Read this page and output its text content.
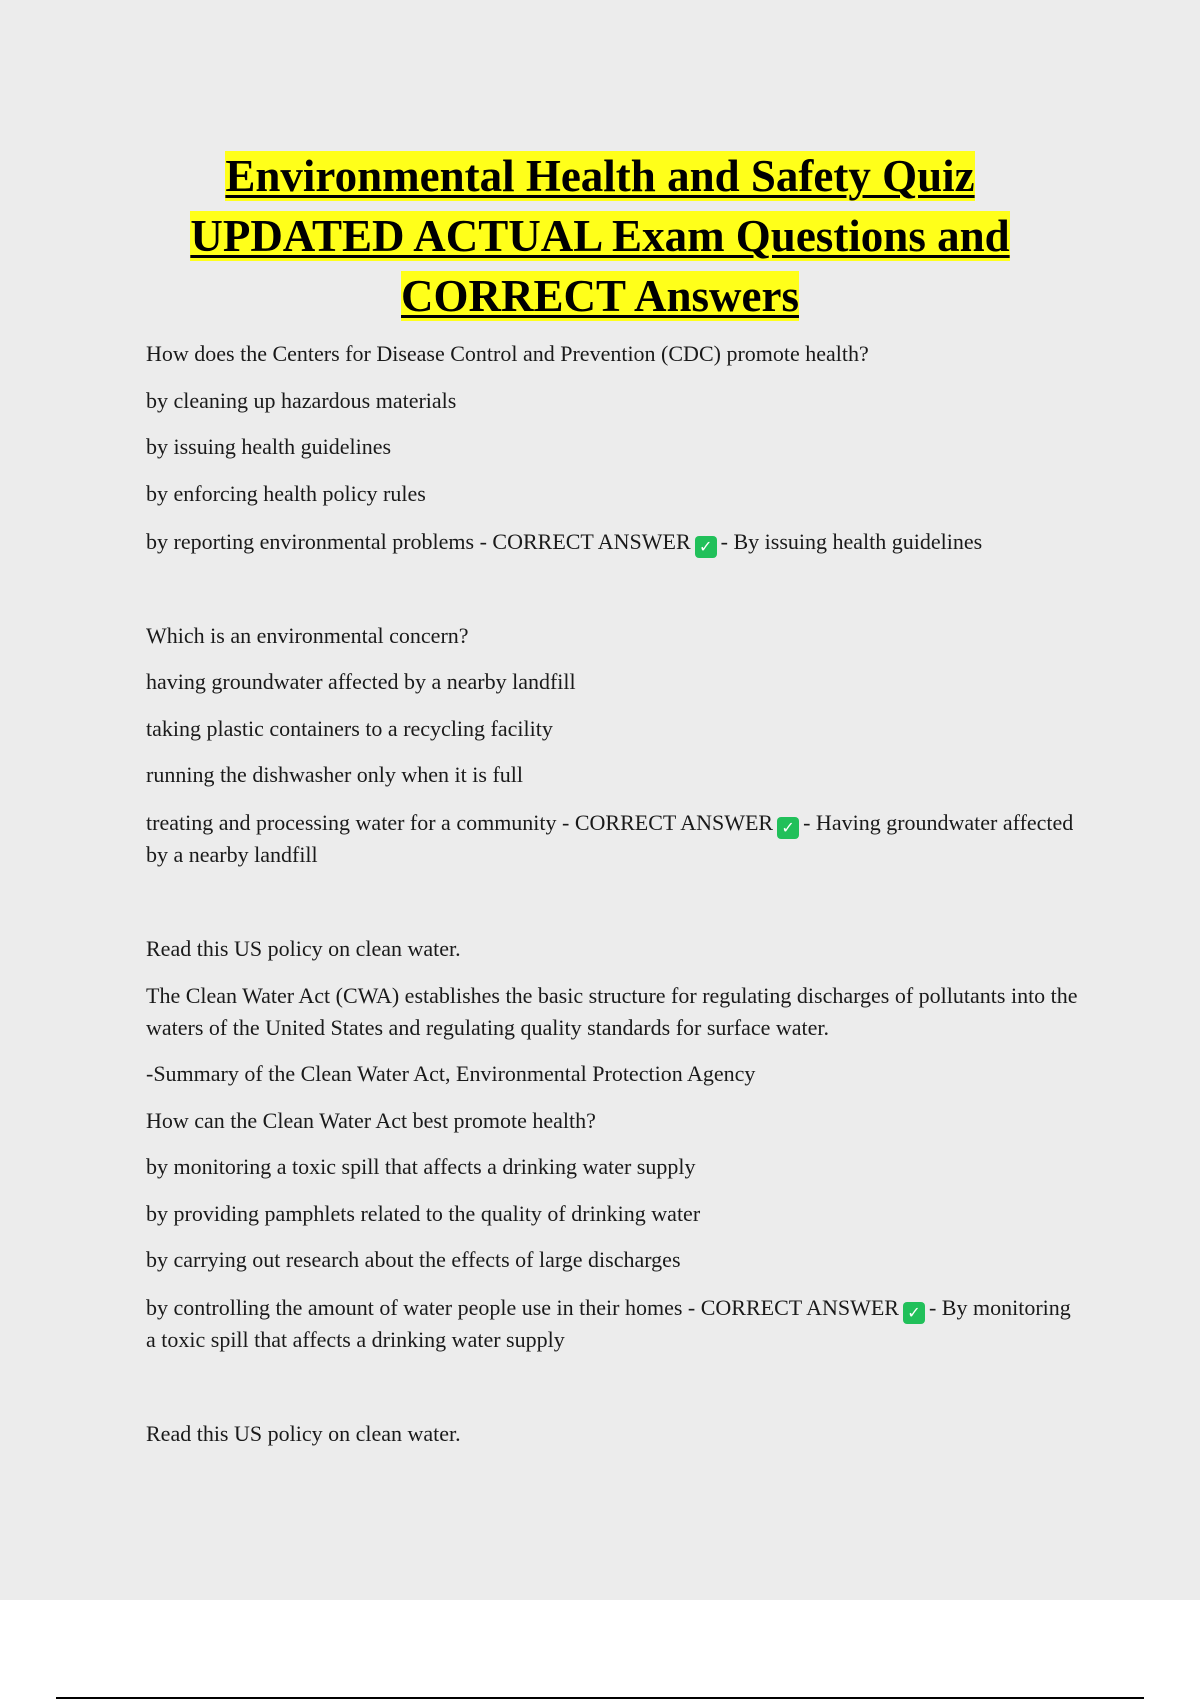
Environmental Health and Safety Quiz
UPDATED ACTUAL Exam Questions and
CORRECT Answers

How does the Centers for Disease Control and Prevention (CDC) promote health?

by cleaning up hazardous materials

by issuing health guidelines

by enforcing health policy rules

by reporting environmental problems - CORRECT ANSWER ✓ - By issuing health guidelines

Which is an environmental concern?

having groundwater affected by a nearby landfill

taking plastic containers to a recycling facility

running the dishwasher only when it is full

treating and processing water for a community - CORRECT ANSWER ✓ - Having groundwater affected by a nearby landfill

Read this US policy on clean water.

The Clean Water Act (CWA) establishes the basic structure for regulating discharges of pollutants into the waters of the United States and regulating quality standards for surface water.

-Summary of the Clean Water Act, Environmental Protection Agency

How can the Clean Water Act best promote health?

by monitoring a toxic spill that affects a drinking water supply

by providing pamphlets related to the quality of drinking water

by carrying out research about the effects of large discharges

by controlling the amount of water people use in their homes - CORRECT ANSWER ✓ - By monitoring a toxic spill that affects a drinking water supply

Read this US policy on clean water.
